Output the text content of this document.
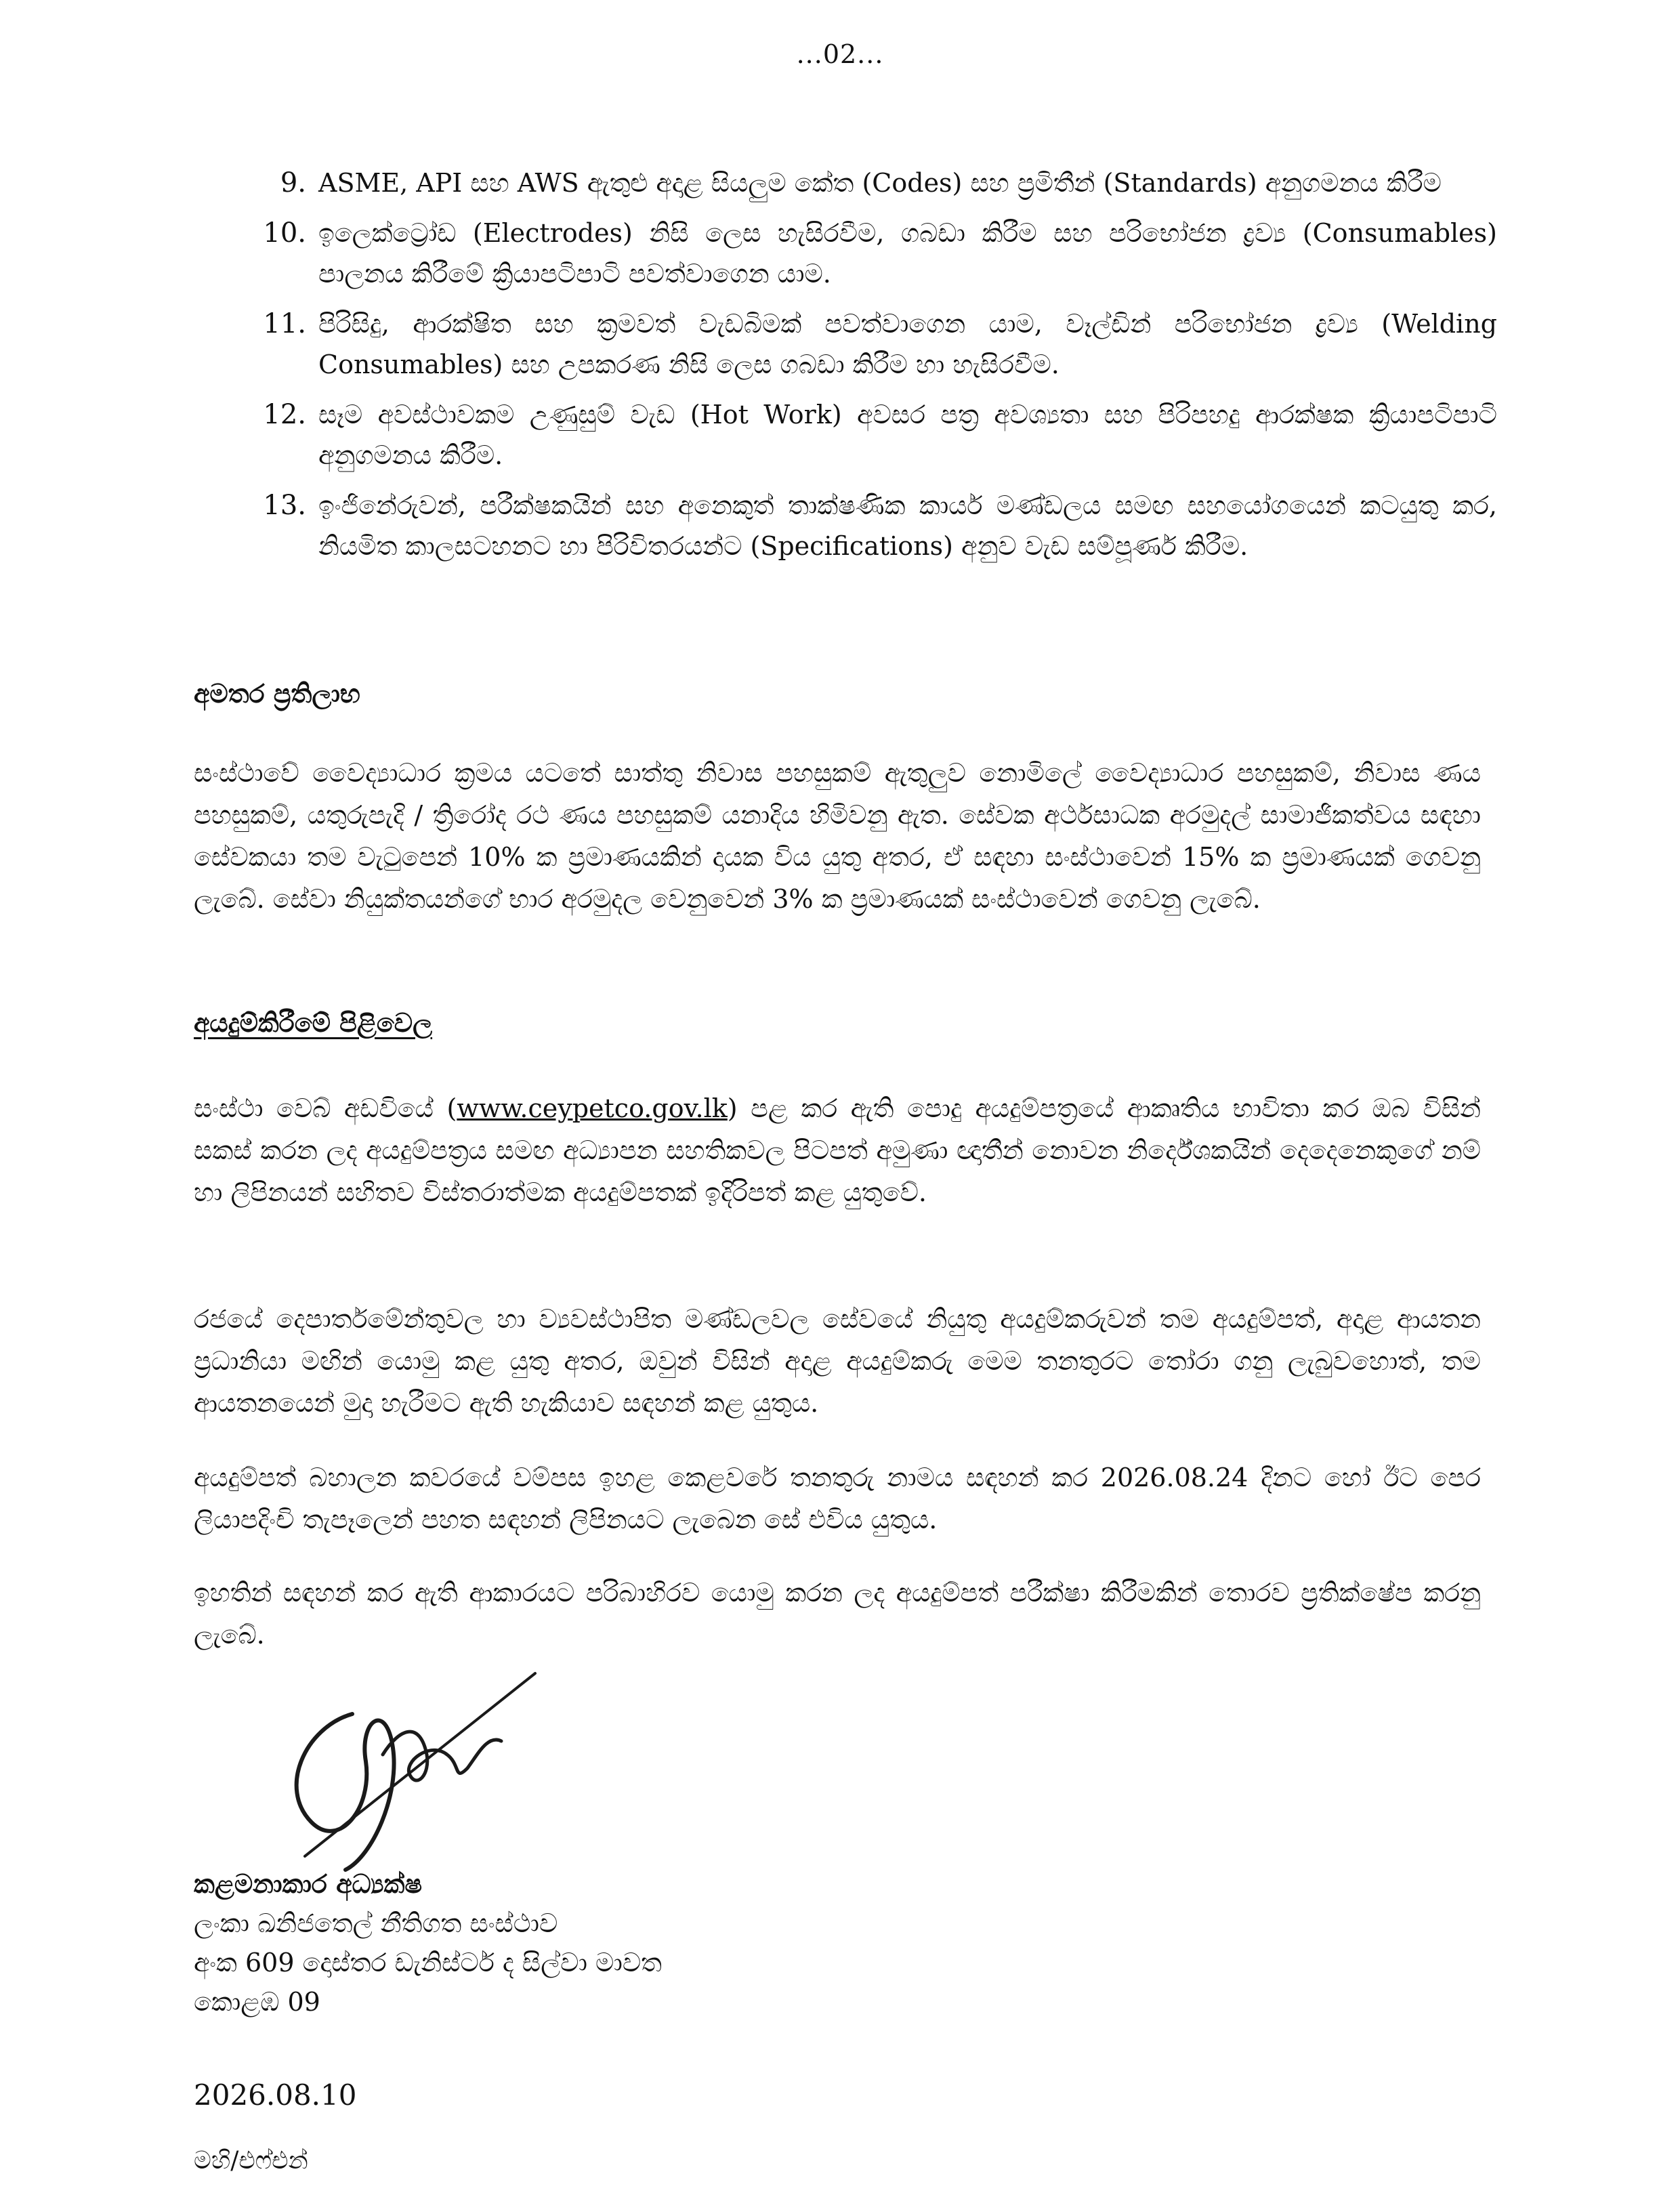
...02...
9. ASME, API සහ AWS ඇතුළු අදාළ සියලුම කේත (Codes) සහ ප්‍රමිතීන් (Standards) අනුගමනය කිරීම
10. ඉලෙක්ට්‍රෝඩ (Electrodes) නිසි ලෙස හැසිරවීම, ගබඩා කිරීම සහ පරිභෝජන ද්‍රව්‍ය (Consumables) පාලනය කිරීමේ ක්‍රියාපටිපාටි පවත්වාගෙන යාම.
11. පිරිසිදු, ආරක්ෂිත සහ ක්‍රමවත් වැඩබිමක් පවත්වාගෙන යාම, වෑල්ඩින් පරිභෝජන ද්‍රව්‍ය (Welding Consumables) සහ උපකරණ නිසි ලෙස ගබඩා කිරීම හා හැසිරවීම.
12. සෑම අවස්ථාවකම උණුසුම් වැඩ (Hot Work) අවසර පත්‍ර අවශ්‍යතා සහ පිරිපහදු ආරක්ෂක ක්‍රියාපටිපාටි අනුගමනය කිරීම.
13. ඉංජිනේරුවන්, පරීක්ෂකයින් සහ අනෙකුත් තාක්ෂණික කාර්ය මණ්ඩලය සමඟ සහයෝගයෙන් කටයුතු කර, නියමිත කාලසටහනට හා පිරිවිතරයන්ට (Specifications) අනුව වැඩ සම්පූර්ණ කිරීම.
අමතර ප්‍රතිලාභ
සංස්ථාවේ වෛද්‍යාධාර ක්‍රමය යටතේ සාත්තු නිවාස පහසුකම් ඇතුලුව නොමිලේ වෛද්‍යාධාර පහසුකම්, නිවාස ණය පහසුකම්, යතුරුපැදි / ත්‍රිරෝද රථ ණය පහසුකම් යනාදිය හිමිවනු ඇත. සේවක අර්ථසාධක අරමුදල් සාමාජිකත්වය සඳහා සේවකයා තම වැටුපෙන් 10% ක ප්‍රමාණයකින් දායක විය යුතු අතර, ඒ සඳහා සංස්ථාවෙන් 15% ක ප්‍රමාණයක් ගෙවනු ලැබේ. සේවා නියුක්තයන්ගේ භාර අරමුදල වෙනුවෙන් 3% ක ප්‍රමාණයක් සංස්ථාවෙන් ගෙවනු ලැබේ.
අයදුම්කිරීමේ පිළිවෙල
සංස්ථා වෙබ් අඩවියේ (www.ceypetco.gov.lk) පළ කර ඇති පොදු අයදුම්පත්‍රයේ ආකෘතිය භාවිතා කර ඔබ විසින් සකස් කරන ලද අයදුම්පත්‍රය සමඟ අධ්‍යාපන සහතිකවල පිටපත් අමුණා ඥාතීන් නොවන නිර්දේශකයින් දෙදෙනෙකුගේ නම් හා ලිපිනයන් සහිතව විස්තරාත්මක අයදුම්පතක් ඉදිරිපත් කළ යුතුවේ.
රජයේ දෙපාර්තමේන්තුවල හා ව්‍යවස්ථාපිත මණ්ඩලවල සේවයේ නියුතු අයදුම්කරුවන් තම අයදුම්පත්, අදාළ ආයතන ප්‍රධානියා මඟින් යොමු කළ යුතු අතර, ඔවුන් විසින් අදාළ අයදුම්කරු මෙම තනතුරට තෝරා ගනු ලැබුවහොත්, තම ආයතනයෙන් මුදා හැරීමට ඇති හැකියාව සඳහන් කළ යුතුය.
අයදුම්පත් බහාලන කවරයේ වම්පස ඉහළ කෙළවරේ තනතුරු නාමය සඳහන් කර 2026.08.24 දිනට හෝ ඊට පෙර ලියාපදිංචි තැපෑලෙන් පහත සඳහන් ලිපිනයට ලැබෙන සේ එවිය යුතුය.
ඉහතින් සඳහන් කර ඇති ආකාරයට පරිබාහිරව යොමු කරන ලද අයදුම්පත් පරීක්ෂා කිරීමකින් තොරව ප්‍රතික්ෂේප කරනු ලැබේ.
කළමනාකාර අධ්‍යක්ෂ
ලංකා ඛනිජතෙල් නීතිගත සංස්ථාව
අංක 609 දොස්තර ඩැනිස්ටර් ද සිල්වා මාවත
කොළඹ 09
2026.08.10
මහි/එෆ්එන්
